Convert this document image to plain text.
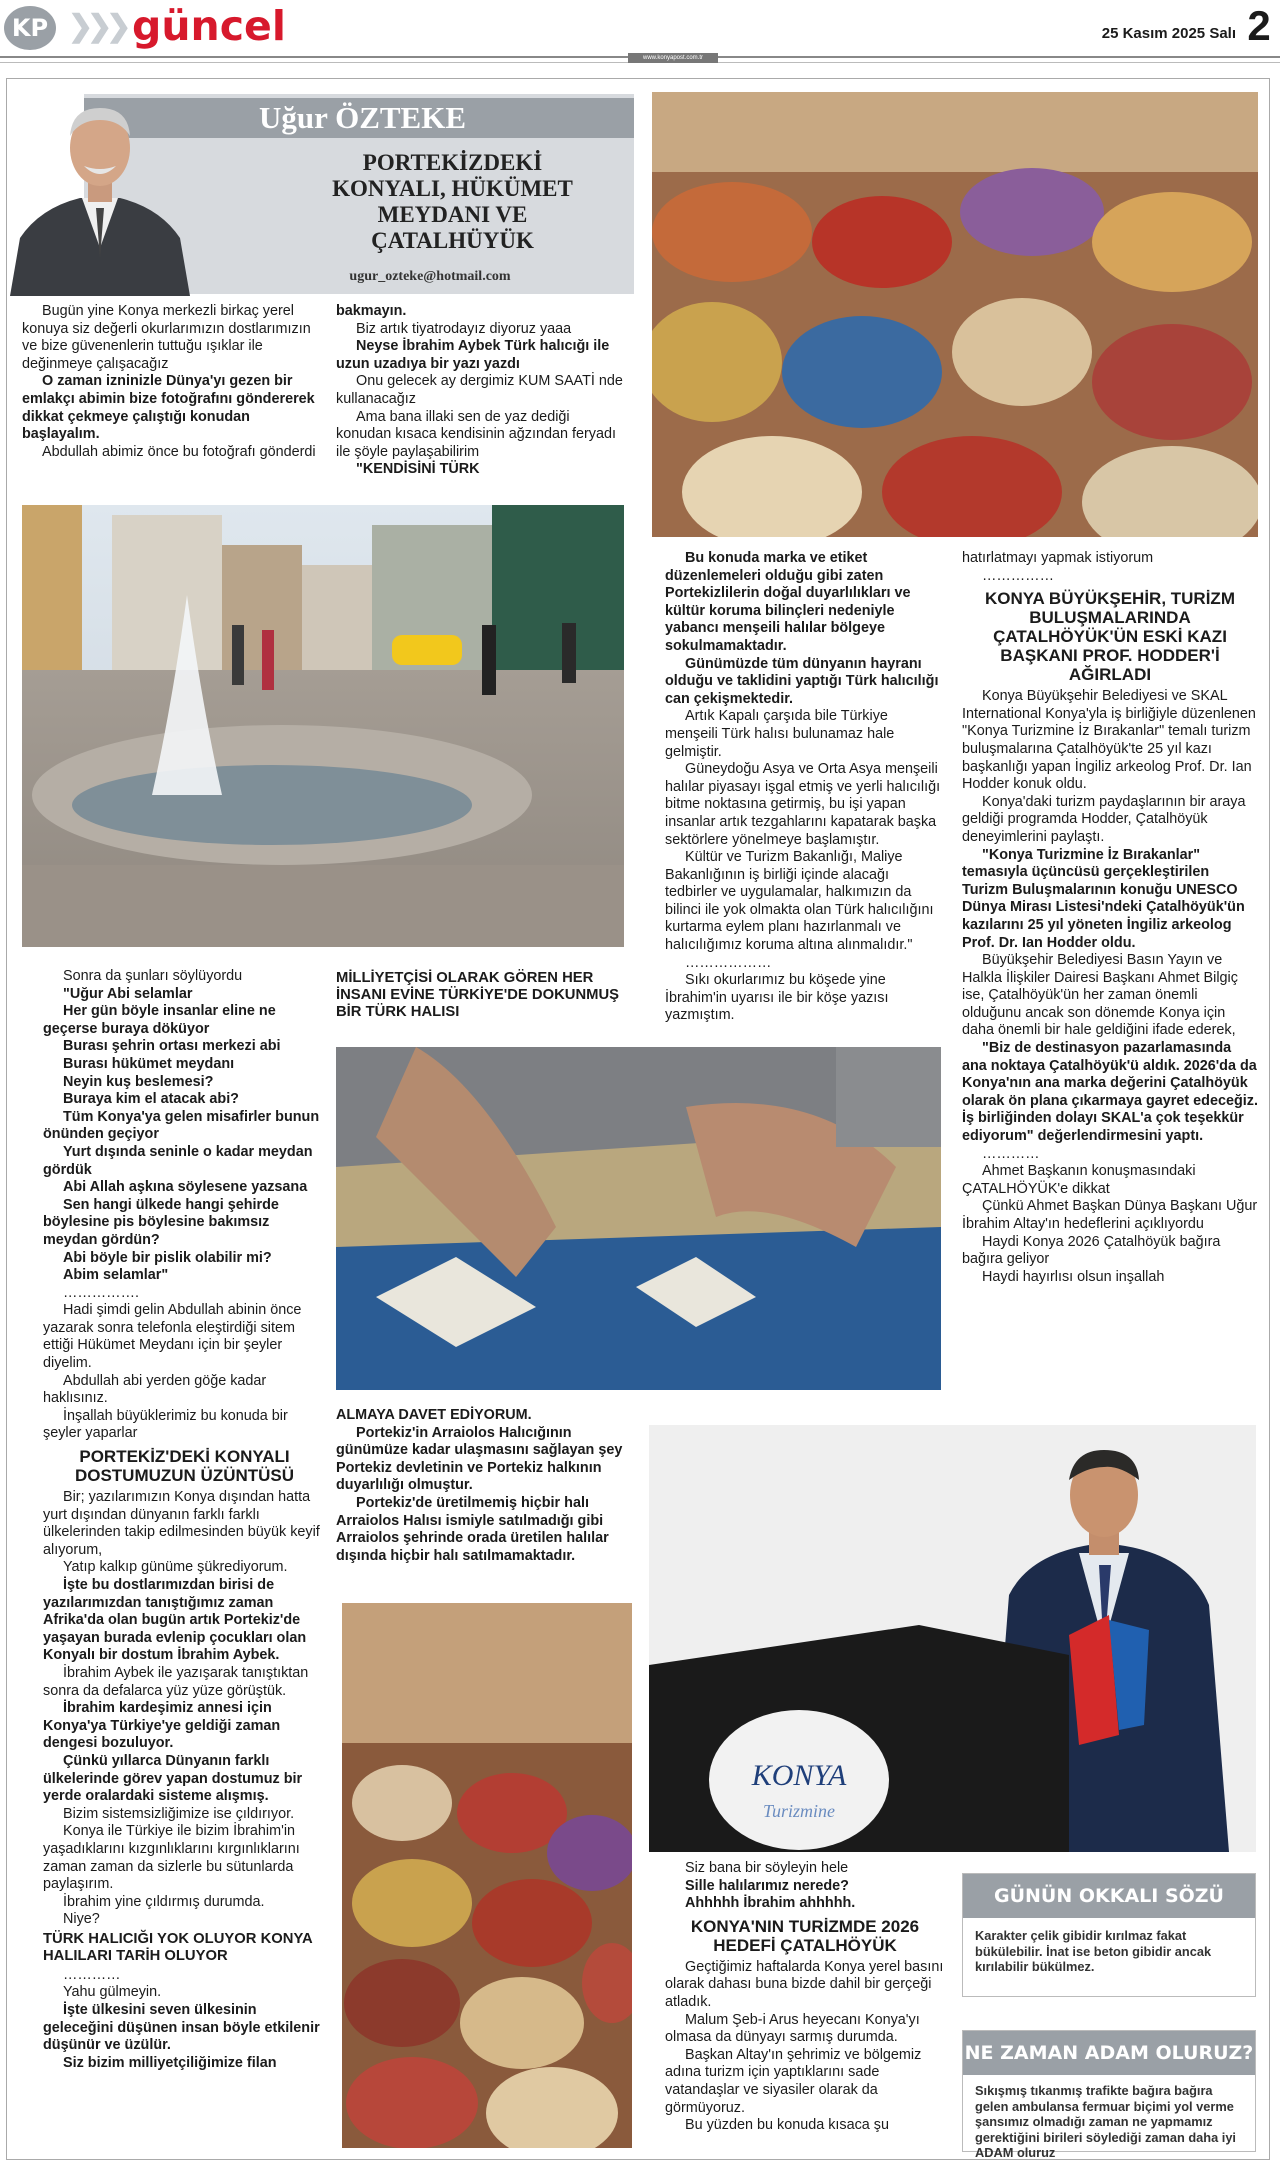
KP ❯❯❯ güncel	25 Kasım 2025 Salı 2
www.konyapost.com.tr
Uğur ÖZTEKE
PORTEKİZDEKİ
KONYALI, HÜKÜMET
MEYDANI VE
ÇATALHÜYÜK
ugur_ozteke@hotmail.com

Bugün yine Konya merkezli birkaç yerel konuya siz değerli okurlarımızın dostlarımızın ve bize güvenenlerin tuttuğu ışıklar ile değinmeye çalışacağız

O zaman izninizle Dünya'yı gezen bir emlakçı abimin bize fotoğrafını göndererek dikkat çekmeye çalıştığı konudan başlayalım.

Abdullah abimiz önce bu fotoğrafı gönderdi

bakmayın.

Biz artık tiyatrodayız diyoruz yaaa

Neyse İbrahim Aybek Türk halıcığı ile uzun uzadıya bir yazı yazdı

Onu gelecek ay dergimiz KUM SAATİ nde kullanacağız

Ama bana illaki sen de yaz dediği konudan kısaca kendisinin ağzından feryadı ile şöyle paylaşabilirim

"KENDİSİNİ TÜRK

Sonra da şunları söylüyordu

"Uğur Abi selamlar

Her gün böyle insanlar eline ne geçerse buraya döküyor

Burası şehrin ortası merkezi abi

Burası hükümet meydanı

Neyin kuş beslemesi?

Buraya kim el atacak abi?

Tüm Konya'ya gelen misafirler bunun önünden geçiyor

Yurt dışında seninle o kadar meydan gördük

Abi Allah aşkına söylesene yazsana

Sen hangi ülkede hangi şehirde böylesine pis böylesine bakımsız meydan gördün?

Abi böyle bir pislik olabilir mi?

Abim selamlar"

…………….

Hadi şimdi gelin Abdullah abinin önce yazarak sonra telefonla eleştirdiği sitem ettiği Hükümet Meydanı için bir şeyler diyelim.

Abdullah abi yerden göğe kadar haklısınız.

İnşallah büyüklerimiz bu konuda bir şeyler yaparlar

PORTEKİZ'DEKİ KONYALI DOSTUMUZUN ÜZÜNTÜSÜ

Bir; yazılarımızın Konya dışından hatta yurt dışından dünyanın farklı farklı ülkelerinden takip edilmesinden büyük keyif alıyorum,

Yatıp kalkıp günüme şükrediyorum.

İşte bu dostlarımızdan birisi de yazılarımızdan tanıştığımız zaman Afrika'da olan bugün artık Portekiz'de yaşayan burada evlenip çocukları olan Konyalı bir dostum İbrahim Aybek.

İbrahim Aybek ile yazışarak tanıştıktan sonra da defalarca yüz yüze görüştük.

İbrahim kardeşimiz annesi için Konya'ya Türkiye'ye geldiği zaman dengesi bozuluyor.

Çünkü yıllarca Dünyanın farklı ülkelerinde görev yapan dostumuz bir yerde oralardaki sisteme alışmış.

Bizim sistemsizliğimize ise çıldırıyor.

Konya ile Türkiye ile bizim İbrahim'in yaşadıklarını kızgınlıklarını kırgınlıklarını zaman zaman da sizlerle bu sütunlarda paylaşırım.

İbrahim yine çıldırmış durumda.

Niye?

TÜRK HALICIĞI YOK OLUYOR KONYA HALILARI TARİH OLUYOR

…………

Yahu gülmeyin.

İşte ülkesini seven ülkesinin geleceğini düşünen insan böyle etkilenir düşünür ve üzülür.

Siz bizim milliyetçiliğimize filan

MİLLİYETÇİSİ OLARAK GÖREN HER İNSANI EVİNE TÜRKİYE'DE DOKUNMUŞ BİR TÜRK HALISI

ALMAYA DAVET EDİYORUM.

Portekiz'in Arraiolos Halıcığının günümüze kadar ulaşmasını sağlayan şey Portekiz devletinin ve Portekiz halkının duyarlılığı olmuştur.

Portekiz'de üretilmemiş hiçbir halı Arraiolos Halısı ismiyle satılmadığı gibi Arraiolos şehrinde orada üretilen halılar dışında hiçbir halı satılmamaktadır.

Bu konuda marka ve etiket düzenlemeleri olduğu gibi zaten Portekizlilerin doğal duyarlılıkları ve kültür koruma bilinçleri nedeniyle yabancı menşeili halılar bölgeye sokulmamaktadır.

Günümüzde tüm dünyanın hayranı olduğu ve taklidini yaptığı Türk halıcılığı can çekişmektedir.

Artık Kapalı çarşıda bile Türkiye menşeili Türk halısı bulunamaz hale gelmiştir.

Güneydoğu Asya ve Orta Asya menşeili halılar piyasayı işgal etmiş ve yerli halıcılığı bitme noktasına getirmiş, bu işi yapan insanlar artık tezgahlarını kapatarak başka sektörlere yönelmeye başlamıştır.

Kültür ve Turizm Bakanlığı, Maliye Bakanlığının iş birliği içinde alacağı tedbirler ve uygulamalar, halkımızın da bilinci ile yok olmakta olan Türk halıcılığını kurtarma eylem planı hazırlanmalı ve halıcılığımız koruma altına alınmalıdır."

………………

Sıkı okurlarımız bu köşede yine İbrahim'in uyarısı ile bir köşe yazısı yazmıştım.

hatırlatmayı yapmak istiyorum

……………

KONYA BÜYÜKŞEHİR, TURİZM BULUŞMALARINDA ÇATALHÖYÜK'ÜN ESKİ KAZI BAŞKANI PROF. HODDER'İ AĞIRLADI

Konya Büyükşehir Belediyesi ve SKAL International Konya'yla iş birliğiyle düzenlenen "Konya Turizmine İz Bırakanlar" temalı turizm buluşmalarına Çatalhöyük'te 25 yıl kazı başkanlığı yapan İngiliz arkeolog Prof. Dr. Ian Hodder konuk oldu.

Konya'daki turizm paydaşlarının bir araya geldiği programda Hodder, Çatalhöyük deneyimlerini paylaştı.

"Konya Turizmine İz Bırakanlar" temasıyla üçüncüsü gerçekleştirilen Turizm Buluşmalarının konuğu UNESCO Dünya Mirası Listesi'ndeki Çatalhöyük'ün kazılarını 25 yıl yöneten İngiliz arkeolog Prof. Dr. Ian Hodder oldu.

Büyükşehir Belediyesi Basın Yayın ve Halkla İlişkiler Dairesi Başkanı Ahmet Bilgiç ise, Çatalhöyük'ün her zaman önemli olduğunu ancak son dönemde Konya için daha önemli bir hale geldiğini ifade ederek,

"Biz de destinasyon pazarlamasında ana noktaya Çatalhöyük'ü aldık. 2026'da da Konya'nın ana marka değerini Çatalhöyük olarak ön plana çıkarmaya gayret edeceğiz. İş birliğinden dolayı SKAL'a çok teşekkür ediyorum" değerlendirmesini yaptı.

…………

Ahmet Başkanın konuşmasındaki ÇATALHÖYÜK'e dikkat

Çünkü Ahmet Başkan Dünya Başkanı Uğur İbrahim Altay'ın hedeflerini açıklıyordu

Haydi Konya 2026 Çatalhöyük bağıra bağıra geliyor

Haydi hayırlısı olsun inşallah

KONYA
Turizmine

Siz bana bir söyleyin hele

Sille halılarımız nerede?

Ahhhhh İbrahim ahhhhh.

KONYA'NIN TURİZMDE 2026 HEDEFİ ÇATALHÖYÜK

Geçtiğimiz haftalarda Konya yerel basını olarak dahası buna bizde dahil bir gerçeği atladık.

Malum Şeb-i Arus heyecanı Konya'yı olmasa da dünyayı sarmış durumda.

Başkan Altay'ın şehrimiz ve bölgemiz adına turizm için yaptıklarını sade vatandaşlar ve siyasiler olarak da görmüyoruz.

Bu yüzden bu konuda kısaca şu

GÜNÜN OKKALI SÖZÜ
Karakter çelik gibidir kırılmaz fakat bükülebilir. İnat ise beton gibidir ancak kırılabilir bükülmez.
NE ZAMAN ADAM OLURUZ?
Sıkışmış tıkanmış trafikte bağıra bağıra gelen ambulansa fermuar biçimi yol verme şansımız olmadığı zaman ne yapmamız gerektiğini birileri söylediği zaman daha iyi ADAM oluruz
